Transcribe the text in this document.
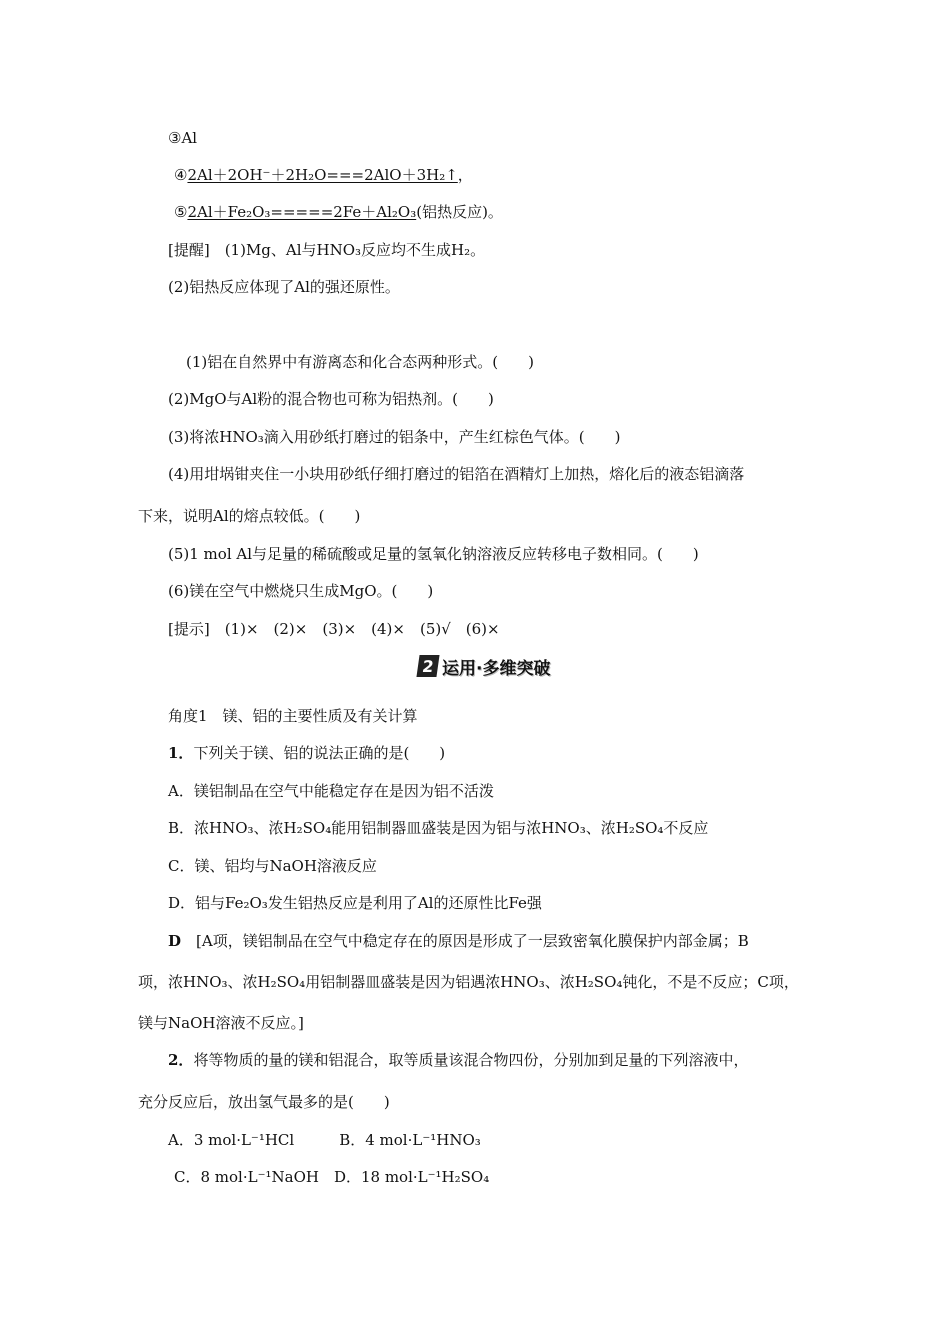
③Al
④2Al＋2OH⁻＋2H₂O===2AlO＋3H₂↑，
⑤2Al＋Fe₂O₃=====2Fe＋Al₂O₃(铝热反应)。
[提醒]　(1)Mg、Al与HNO₃反应均不生成H₂。
(2)铝热反应体现了Al的强还原性。
(1)铝在自然界中有游离态和化合态两种形式。(　　)
(2)MgO与Al粉的混合物也可称为铝热剂。(　　)
(3)将浓HNO₃滴入用砂纸打磨过的铝条中，产生红棕色气体。(　　)
(4)用坩埚钳夹住一小块用砂纸仔细打磨过的铝箔在酒精灯上加热，熔化后的液态铝滴落
下来，说明Al的熔点较低。(　　)
(5)1 mol Al与足量的稀硫酸或足量的氢氧化钠溶液反应转移电子数相同。(　　)
(6)镁在空气中燃烧只生成MgO。(　　)
[提示]　(1)×　(2)×　(3)×　(4)×　(5)√　(6)×
2 运用·多维突破
角度1　镁、铝的主要性质及有关计算
1．下列关于镁、铝的说法正确的是(　　)
A．镁铝制品在空气中能稳定存在是因为铝不活泼
B．浓HNO₃、浓H₂SO₄能用铝制器皿盛装是因为铝与浓HNO₃、浓H₂SO₄不反应
C．镁、铝均与NaOH溶液反应
D．铝与Fe₂O₃发生铝热反应是利用了Al的还原性比Fe强
D　[A项，镁铝制品在空气中稳定存在的原因是形成了一层致密氧化膜保护内部金属；B
项，浓HNO₃、浓H₂SO₄用铝制器皿盛装是因为铝遇浓HNO₃、浓H₂SO₄钝化，不是不反应；C项，
镁与NaOH溶液不反应。]
2．将等物质的量的镁和铝混合，取等质量该混合物四份，分别加到足量的下列溶液中，
充分反应后，放出氢气最多的是(　　)
A．3 mol·L⁻¹HCl　　　B．4 mol·L⁻¹HNO₃
C．8 mol·L⁻¹NaOH　D．18 mol·L⁻¹H₂SO₄
